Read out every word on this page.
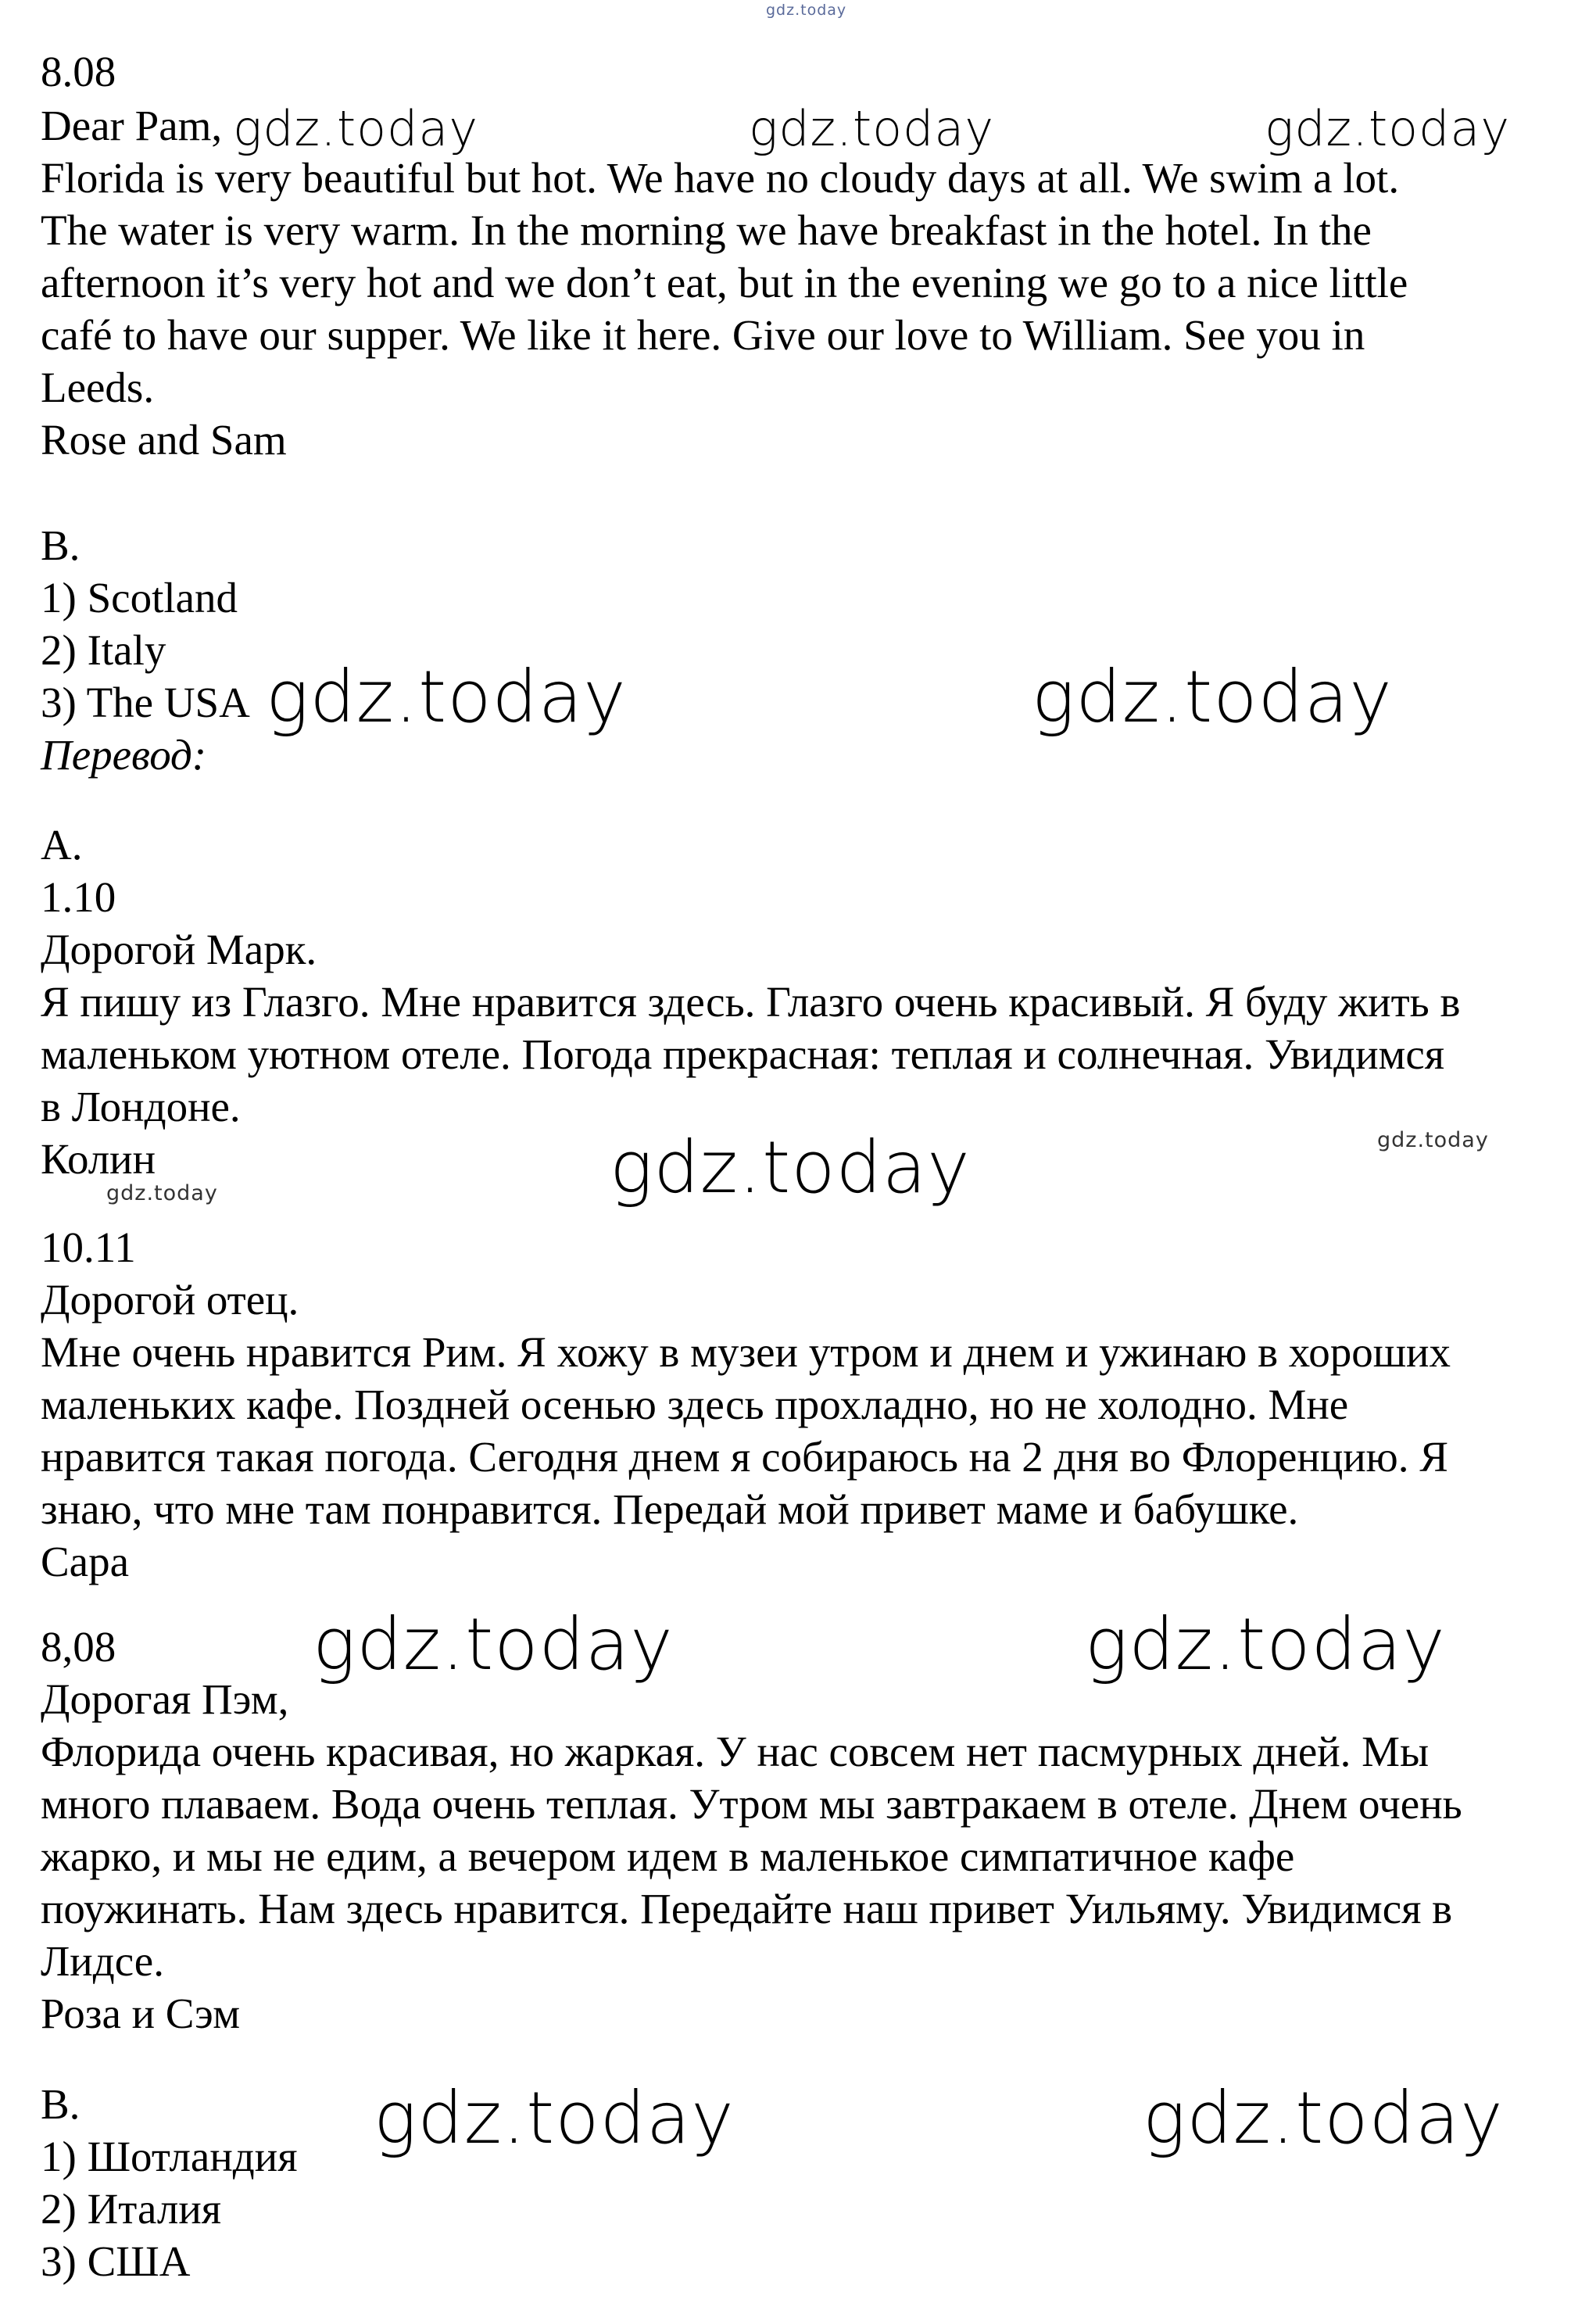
gdz.today
8.08
Dear Pam,
Florida is very beautiful but hot. We have no cloudy days at all. We swim a lot.
The water is very warm. In the morning we have breakfast in the hotel. In the
afternoon it’s very hot and we don’t eat, but in the evening we go to a nice little
café to have our supper. We like it here. Give our love to William. See you in
Leeds.
Rose and Sam
B.
1) Scotland
2) Italy
3) The USA
Перевод:
А.
1.10
Дорогой Марк.
Я пишу из Глазго. Мне нравится здесь. Глазго очень красивый. Я буду жить в
маленьком уютном отеле. Погода прекрасная: теплая и солнечная. Увидимся
в Лондоне.
Колин
10.11
Дорогой отец.
Мне очень нравится Рим. Я хожу в музеи утром и днем и ужинаю в хороших
маленьких кафе. Поздней осенью здесь прохладно, но не холодно. Мне
нравится такая погода. Сегодня днем я собираюсь на 2 дня во Флоренцию. Я
знаю, что мне там понравится. Передай мой привет маме и бабушке.
Сара
8,08
Дорогая Пэм,
Флорида очень красивая, но жаркая. У нас совсем нет пасмурных дней. Мы
много плаваем. Вода очень теплая. Утром мы завтракаем в отеле. Днем очень
жарко, и мы не едим, а вечером идем в маленькое симпатичное кафе
поужинать. Нам здесь нравится. Передайте наш привет Уильяму. Увидимся в
Лидсе.
Роза и Сэм
В.
1) Шотландия
2) Италия
3) США
gdz.today	gdz.today	gdz.today
gdz.today	gdz.today
gdz.today	gdz.today
gdz.today
gdz.today	gdz.today
gdz.today	gdz.today
